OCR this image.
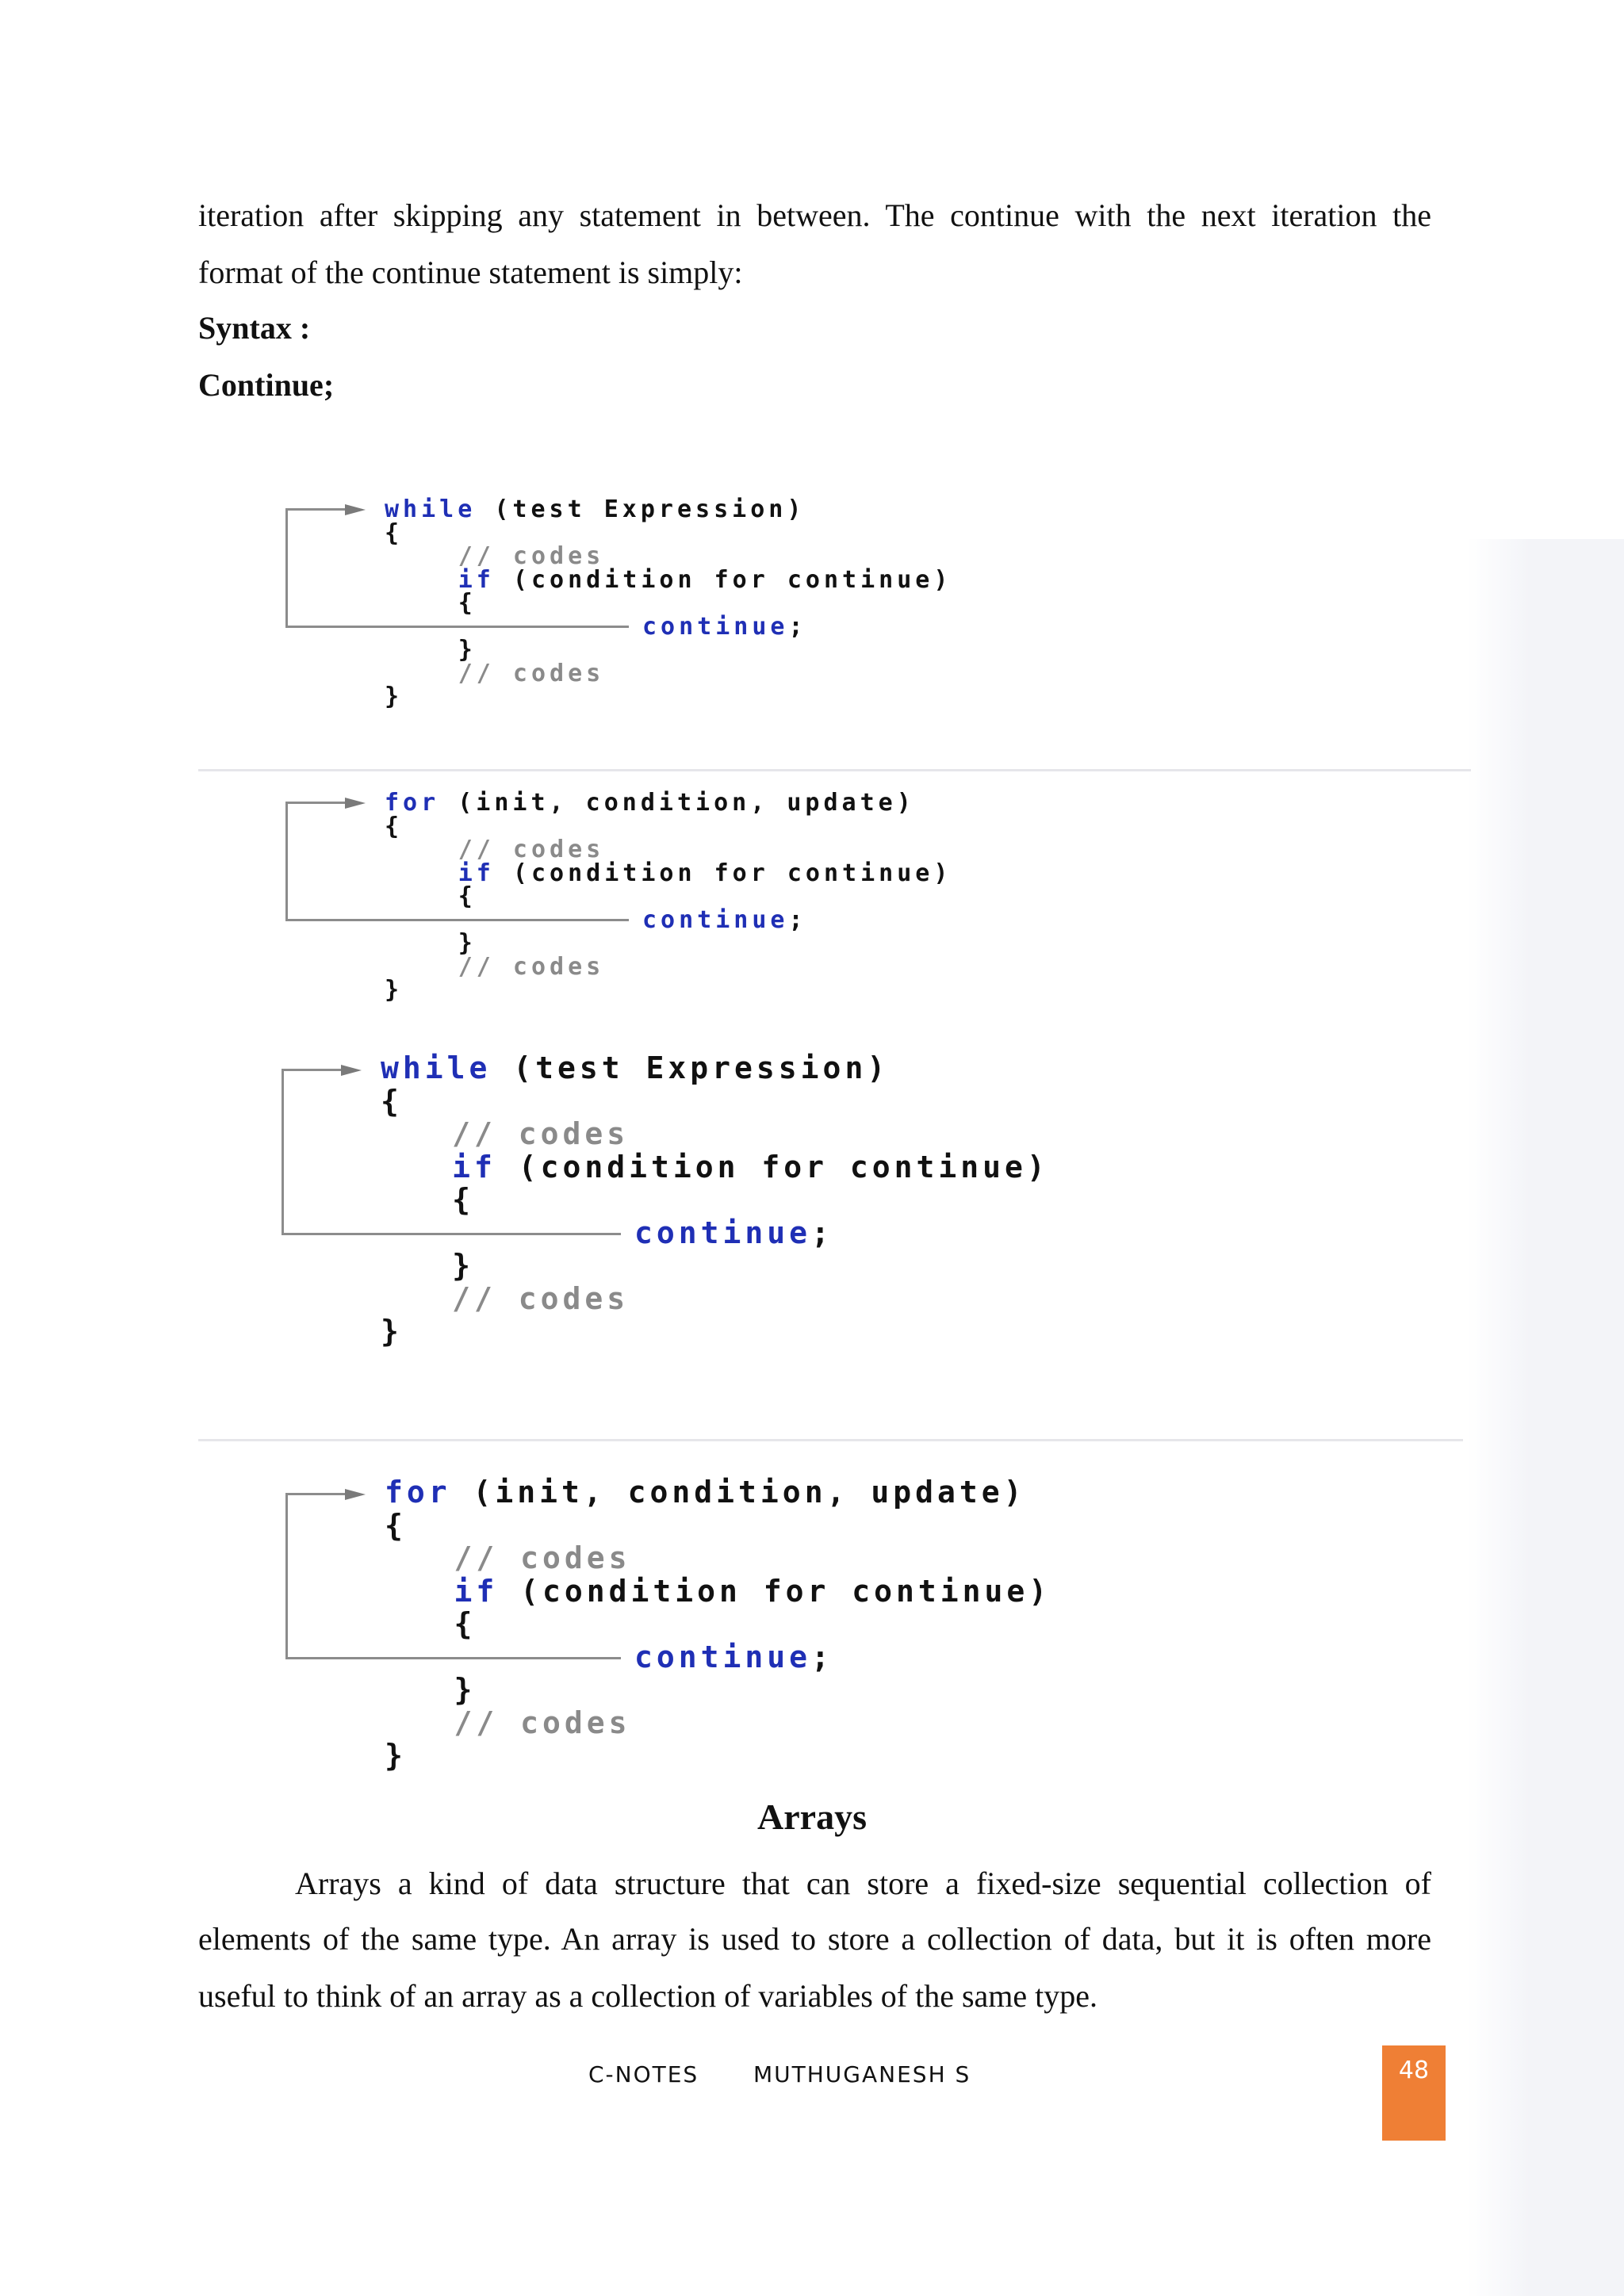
iteration after skipping any statement in between. The continue with the next iteration the

format of the continue statement is simply:

Syntax :

Continue;

while (test Expression)
{
// codes
if (condition for continue)
{
continue;
}
// codes
}
for (init, condition, update)
{
// codes
if (condition for continue)
{
continue;
}
// codes
}
while (test Expression)
{
// codes
if (condition for continue)
{
continue;
}
// codes
}
for (init, condition, update)
{
// codes
if (condition for continue)
{
continue;
}
// codes
}
Arrays

Arrays a kind of data structure that can store a fixed-size sequential collection of

elements of the same type. An array is used to store a collection of data, but it is often more

useful to think of an array as a collection of variables of the same type.

C-NOTES MUTHUGANESH S	48
